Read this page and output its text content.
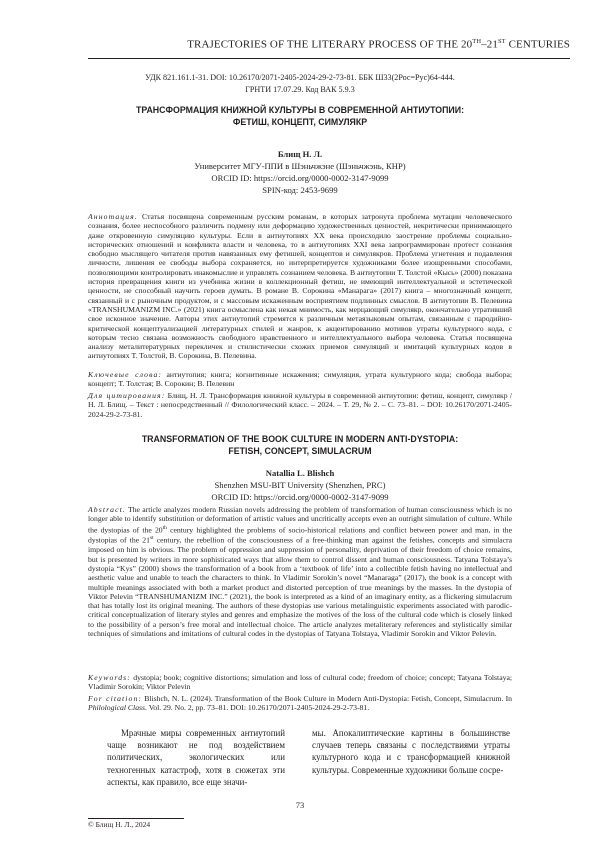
TRAJECTORIES OF THE LITERARY PROCESS OF THE 20TH–21ST CENTURIES
УДК 821.161.1-31. DOI: 10.26170/2071-2405-2024-29-2-73-81. ББК Ш33(2Рос=Рус)64-444.
ГРНТИ 17.07.29. Код ВАК 5.9.3
ТРАНСФОРМАЦИЯ КНИЖНОЙ КУЛЬТУРЫ В СОВРЕМЕННОЙ АНТИУТОПИИ:
ФЕТИШ, КОНЦЕПТ, СИМУЛЯКР
Блищ Н. Л.
Университет МГУ-ППИ в Шэньчжэне (Шэньчжэнь, КНР)
ORCID ID: https://orcid.org/0000-0002-3147-9099
SPIN-код: 2453-9699
Аннотация. Статья посвящена современным русским романам, в которых затронута проблема мутации человеческого сознания, более неспособного различить подмену или деформацию художественных ценностей, некритически принимающего даже откровенную симуляцию культуры. Если в антиутопиях XX века происходило заострение проблемы социально-исторических отношений и конфликта власти и человека, то в антиутопиях XXI века запрограммирован протест сознания свободно мыслящего читателя против навязанных ему фетишей, концептов и симулякров. Проблема угнетения и подавления личности, лишения ее свободы выбора сохраняется, но интерпретируется художниками более изощренными способами, позволяющими контролировать инакомыслие и управлять сознанием человека. В антиутопии Т. Толстой «Кысь» (2000) показана история превращения книги из учебника жизни в коллекционный фетиш, не имеющий интеллектуальной и эстетической ценности, не способный научить героев думать. В романе В. Сорокина «Манарага» (2017) книга – многозначный концепт, связанный и с рыночным продуктом, и с массовым искаженным восприятием подлинных смыслов. В антиутопии В. Пелевина «TRANSHUMANIZM INC.» (2021) книга осмыслена как некая мнимость, как мерцающий симулякр, окончательно утративший свое исконное значение. Авторы этих антиутопий стремятся к различным метаязыковым опытам, связанным с пародийно-критической концептуализацией литературных стилей и жанров, к акцентированию мотивов утраты культурного кода, с которым тесно связана возможность свободного нравственного и интеллектуального выбора человека. Статья посвящена анализу металитературных перекличек и стилистически схожих приемов симуляций и имитаций культурных кодов в антиутопиях Т. Толстой, В. Сорокина, В. Пелевина.
Ключевые слова: антиутопия; книга; когнитивные искажения; симуляция, утрата культурного кода; свобода выбора; концепт; Т. Толстая; В. Сорокин; В. Пелевин
Для цитирования: Блищ, Н. Л. Трансформация книжной культуры в современной антиутопии: фетиш, концепт, симулякр / Н. Л. Блищ. – Текст : непосредственный // Филологический класс. – 2024. – Т. 29, № 2. – С. 73–81. – DOI: 10.26170/2071-2405-2024-29-2-73-81.
TRANSFORMATION OF THE BOOK CULTURE IN MODERN ANTI-DYSTOPIA:
FETISH, CONCEPT, SIMULACRUM
Natallia L. Blishch
Shenzhen MSU-BIT University (Shenzhen, PRC)
ORCID ID: https://orcid.org/0000-0002-3147-9099
Abstract. The article analyzes modern Russian novels addressing the problem of transformation of human consciousness which is no longer able to identify substitution or deformation of artistic values and uncritically accepts even an outright simulation of culture. While the dystopias of the 20th century highlighted the problems of socio-historical relations and conflict between power and man, in the dystopias of the 21st century, the rebellion of the consciousness of a free-thinking man against the fetishes, concepts and simulacra imposed on him is obvious. The problem of oppression and suppression of personality, deprivation of their freedom of choice remains, but is presented by writers in more sophisticated ways that allow them to control dissent and human consciousness. Tatyana Tolstaya’s dystopia “Kys” (2000) shows the transformation of a book from a ‘textbook of life’ into a collectible fetish having no intellectual and aesthetic value and unable to teach the characters to think. In Vladimir Sorokin’s novel “Manaraga” (2017), the book is a concept with multiple meanings associated with both a market product and distorted perception of true meanings by the masses. In the dystopia of Viktor Pelevin “TRANSHUMANIZM INC.” (2021), the book is interpreted as a kind of an imaginary entity, as a flickering simulacrum that has totally lost its original meaning. The authors of these dystopias use various metalinguistic experiments associated with parodic-critical conceptualization of literary styles and genres and emphasize the motives of the loss of the cultural code which is closely linked to the possibility of a person’s free moral and intellectual choice. The article analyzes metaliterary references and stylistically similar techniques of simulations and imitations of cultural codes in the dystopias of Tatyana Tolstaya, Vladimir Sorokin and Viktor Pelevin.
Keywords: dystopia; book; cognitive distortions; simulation and loss of cultural code; freedom of choice; concept; Tatyana Tolstaya; Vladimir Sorokin; Viktor Pelevin
For citation: Blishch, N. L. (2024). Transformation of the Book Culture in Modern Anti-Dystopia: Fetish, Concept, Simulacrum. In Philological Class. Vol. 29. No. 2, pp. 73–81. DOI: 10.26170/2071-2405-2024-29-2-73-81.
Мрачные миры современных антиутопий чаще возникают не под воздействием политических, экологических или техногенных катастроф, хотя в сюжетах эти аспекты, как правило, все еще значи-
мы. Апокалиптические картины в большинстве случаев теперь связаны с последствиями утраты культурного кода и с трансформацией книжной культуры. Современные художники больше сосре-
73
© Блищ Н. Л., 2024
